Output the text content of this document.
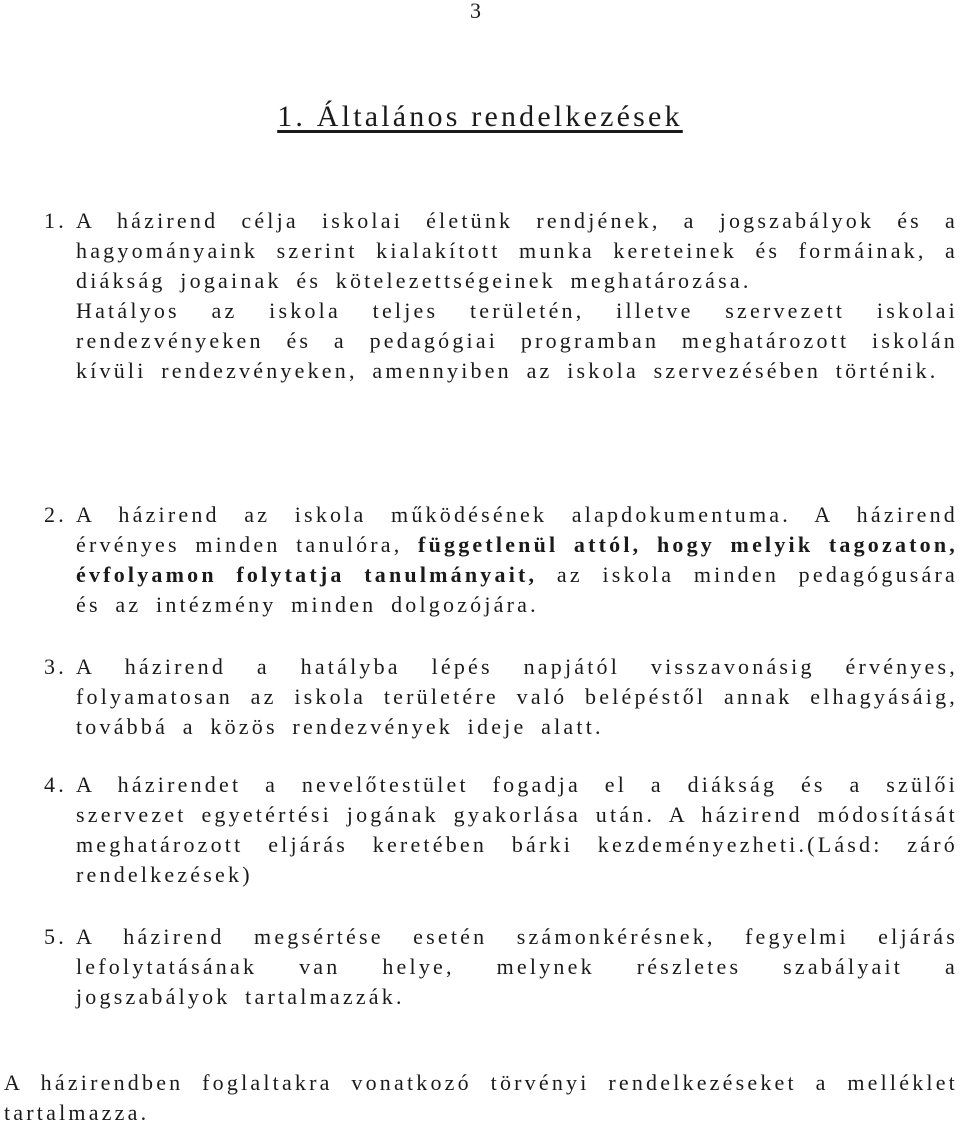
3
1. Általános rendelkezések
1. A házirend célja iskolai életünk rendjének, a jogszabályok és a hagyományaink szerint kialakított munka kereteinek és formáinak, a diákság jogainak és kötelezettségeinek meghatározása.
Hatályos az iskola teljes területén, illetve szervezett iskolai rendezvényeken és a pedagógiai programban meghatározott iskolán kívüli rendezvényeken, amennyiben az iskola szervezésében történik.
2. A házirend az iskola működésének alapdokumentuma. A házirend érvényes minden tanulóra, függetlenül attól, hogy melyik tagozaton, évfolyamon folytatja tanulmányait, az iskola minden pedagógusára és az intézmény minden dolgozójára.
3. A házirend a hatályba lépés napjától visszavonásig érvényes, folyamatosan az iskola területére való belépéstől annak elhagyásáig, továbbá a közös rendezvények ideje alatt.
4. A házirendet a nevelőtestület fogadja el a diákság és a szülői szervezet egyetértési jogának gyakorlása után. A házirend módosítását meghatározott eljárás keretében bárki kezdeményezheti.(Lásd: záró rendelkezések)
5. A házirend megsértése esetén számonkérésnek, fegyelmi eljárás lefolytatásának van helye, melynek részletes szabályait a jogszabályok tartalmazzák.
A házirendben foglaltakra vonatkozó törvényi rendelkezéseket a melléklet tartalmazza.
